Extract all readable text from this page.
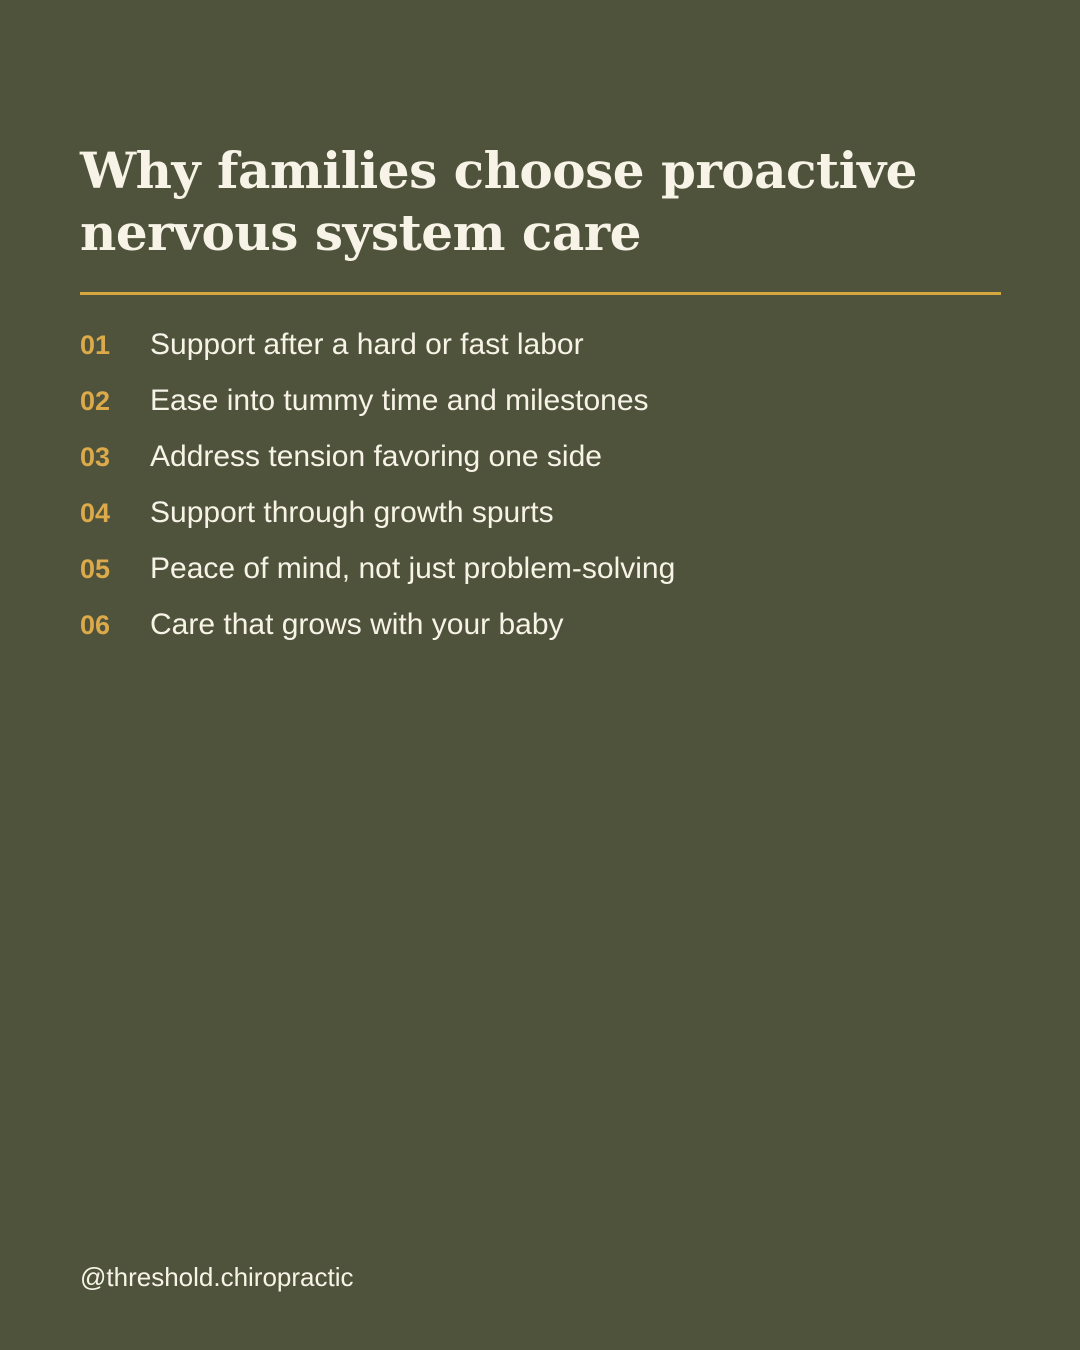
Why families choose proactive
nervous system care
01	Support after a hard or fast labor
02	Ease into tummy time and milestones
03	Address tension favoring one side
04	Support through growth spurts
05	Peace of mind, not just problem-solving
06	Care that grows with your baby
@threshold.chiropractic
